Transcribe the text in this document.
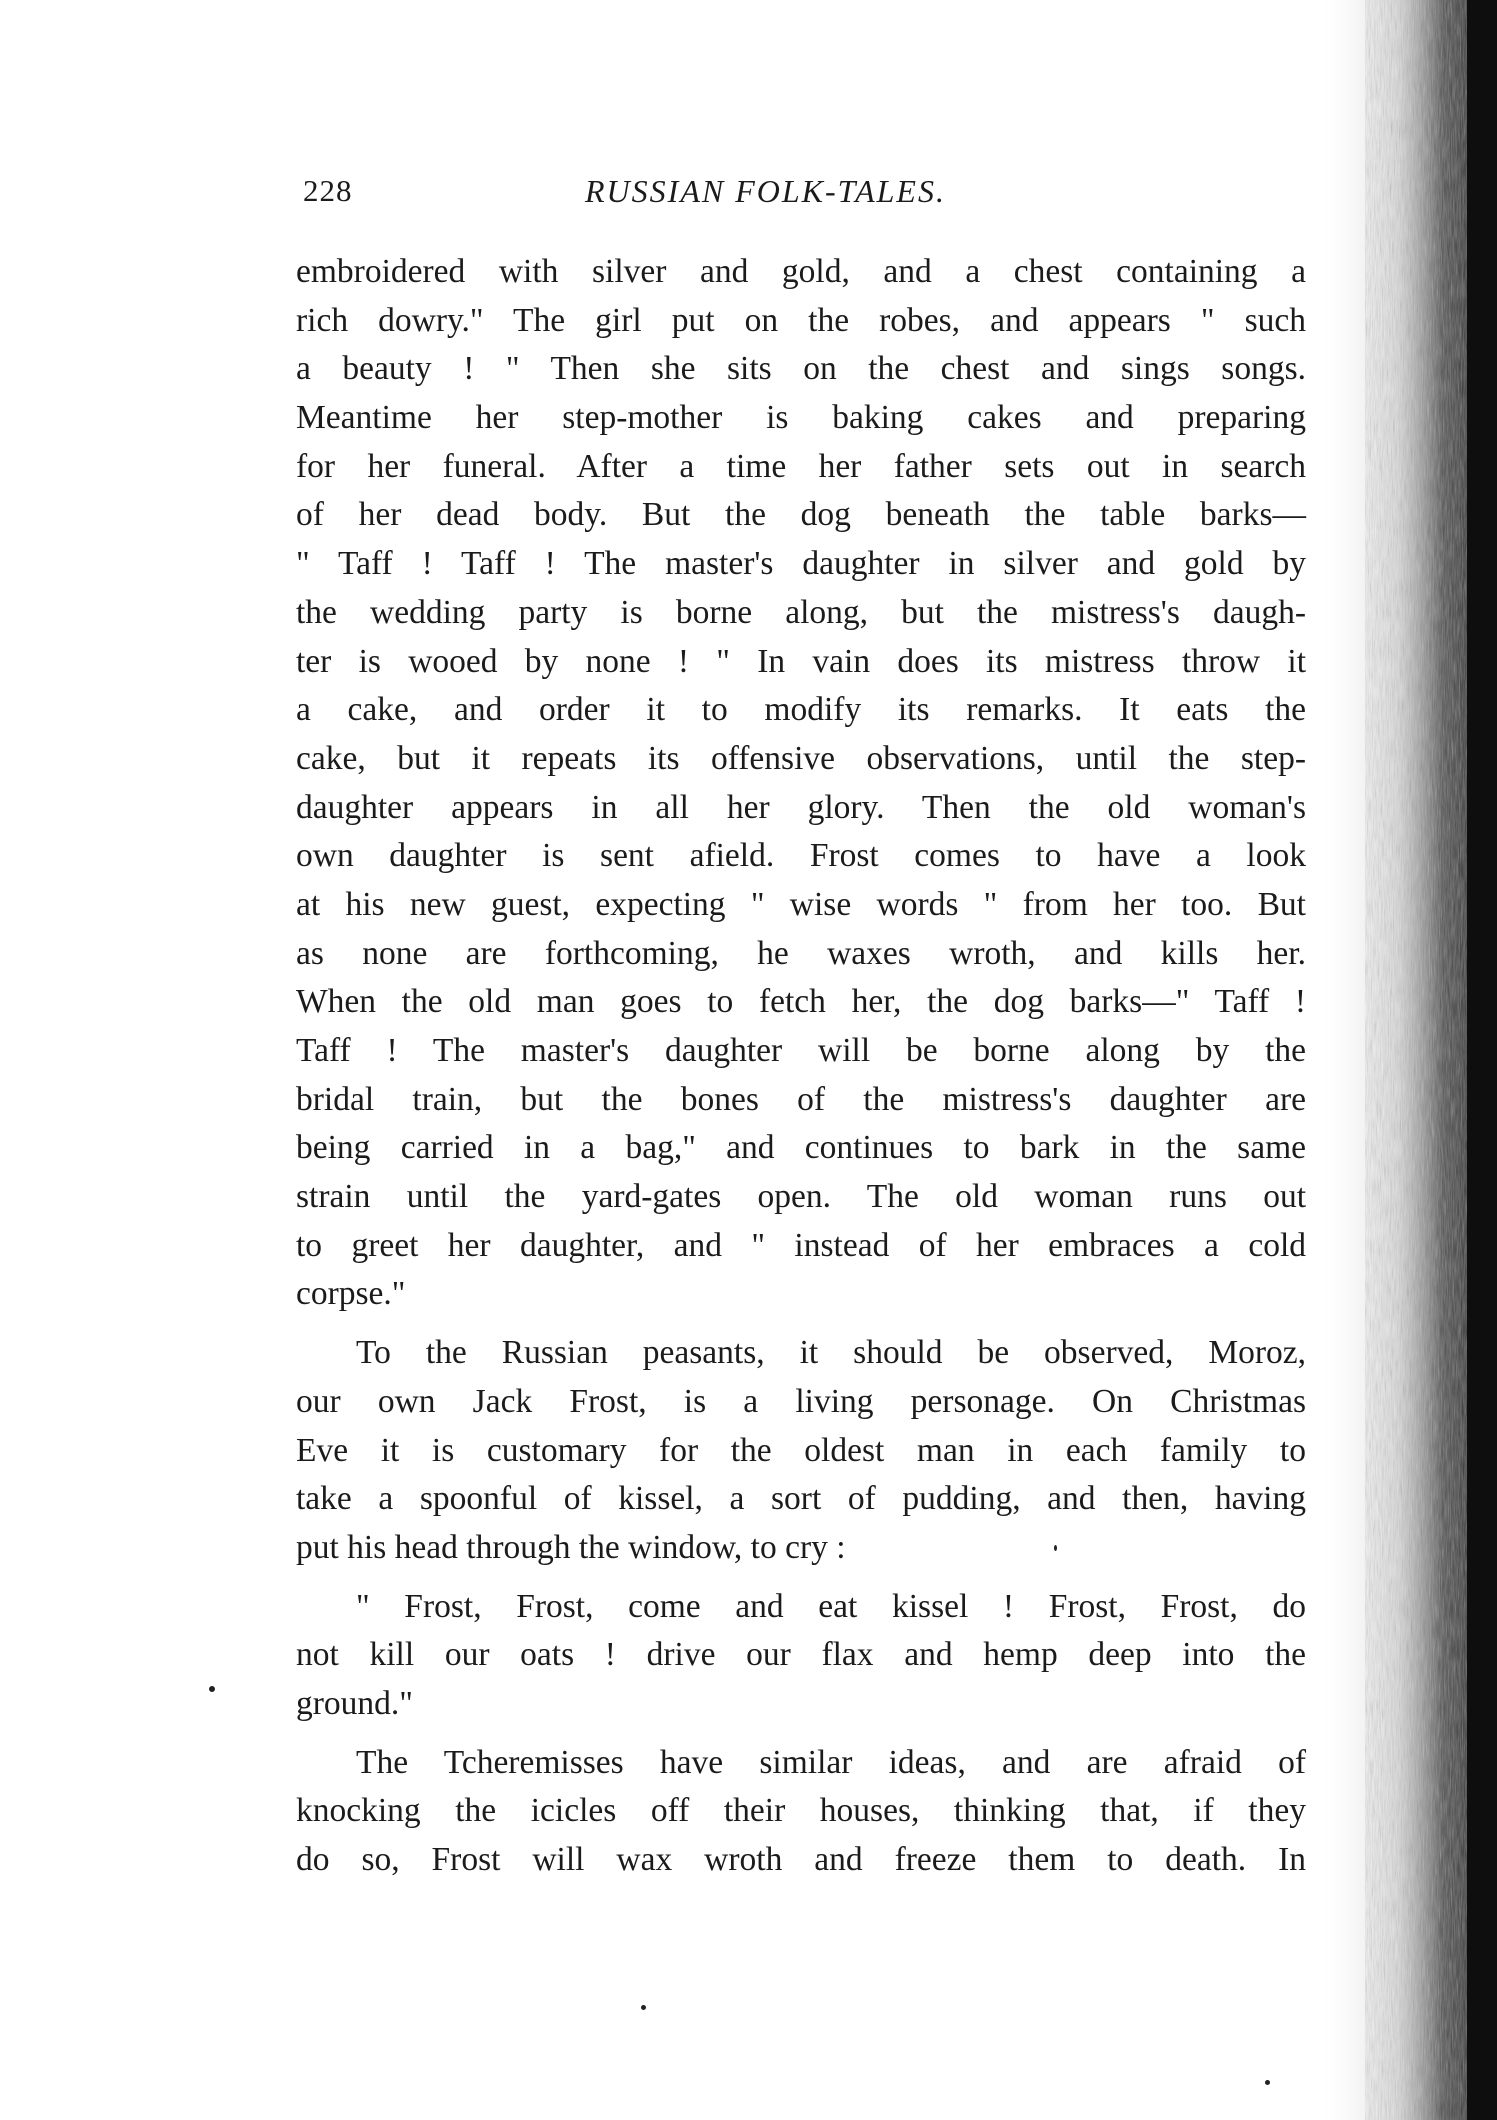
228	RUSSIAN FOLK-TALES.
embroidered with silver and gold, and a chest containing a
rich dowry." The girl put on the robes, and appears " such
a beauty ! " Then she sits on the chest and sings songs.
Meantime her step-mother is baking cakes and preparing
for her funeral. After a time her father sets out in search
of her dead body. But the dog beneath the table barks—
" Taff ! Taff ! The master's daughter in silver and gold by
the wedding party is borne along, but the mistress's daugh-
ter is wooed by none ! " In vain does its mistress throw it
a cake, and order it to modify its remarks. It eats the
cake, but it repeats its offensive observations, until the step-
daughter appears in all her glory. Then the old woman's
own daughter is sent afield. Frost comes to have a look
at his new guest, expecting " wise words " from her too. But
as none are forthcoming, he waxes wroth, and kills her.
When the old man goes to fetch her, the dog barks—" Taff !
Taff ! The master's daughter will be borne along by the
bridal train, but the bones of the mistress's daughter are
being carried in a bag," and continues to bark in the same
strain until the yard-gates open. The old woman runs out
to greet her daughter, and " instead of her embraces a cold
corpse."
To the Russian peasants, it should be observed, Moroz,
our own Jack Frost, is a living personage. On Christmas
Eve it is customary for the oldest man in each family to
take a spoonful of kissel, a sort of pudding, and then, having
put his head through the window, to cry :
" Frost, Frost, come and eat kissel ! Frost, Frost, do
not kill our oats ! drive our flax and hemp deep into the
ground."
The Tcheremisses have similar ideas, and are afraid of
knocking the icicles off their houses, thinking that, if they
do so, Frost will wax wroth and freeze them to death. In
